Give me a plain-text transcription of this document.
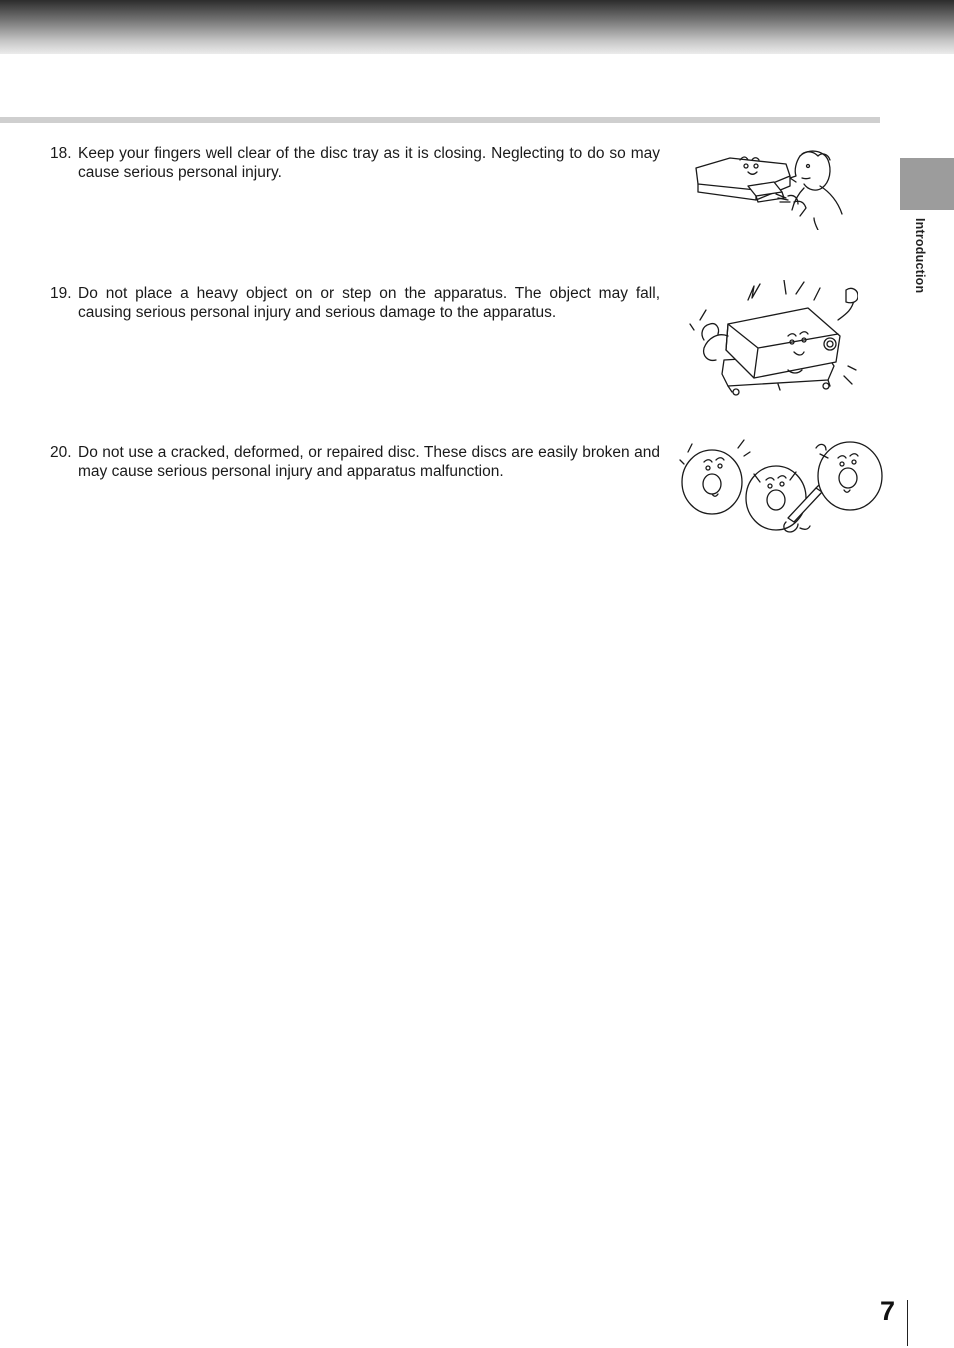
Introduction
18. Keep your fingers well clear of the disc tray as it is closing. Neglecting to do so may cause serious personal injury.
19. Do not place a heavy object on or step on the apparatus. The object may fall, causing serious personal injury and serious damage to the apparatus.
20. Do not use a cracked, deformed, or repaired disc. These discs are easily broken and may cause serious personal injury and apparatus malfunction.
7
